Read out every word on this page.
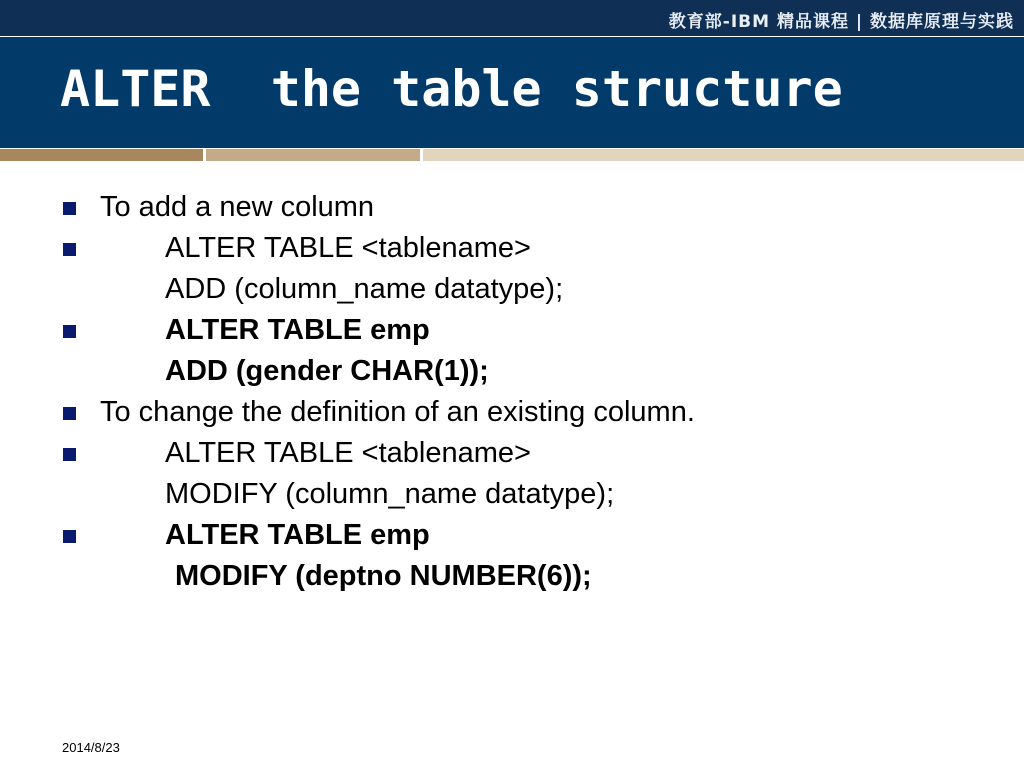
教育部-IBM 精品课程 | 数据库原理与实践
ALTER  the table structure

To add a new column

ALTER TABLE <tablename>

ADD (column_name datatype);

ALTER TABLE emp

ADD (gender CHAR(1));

To change the definition of an existing column.

ALTER TABLE <tablename>

MODIFY (column_name datatype);

ALTER TABLE emp

MODIFY (deptno NUMBER(6));

2014/8/23
